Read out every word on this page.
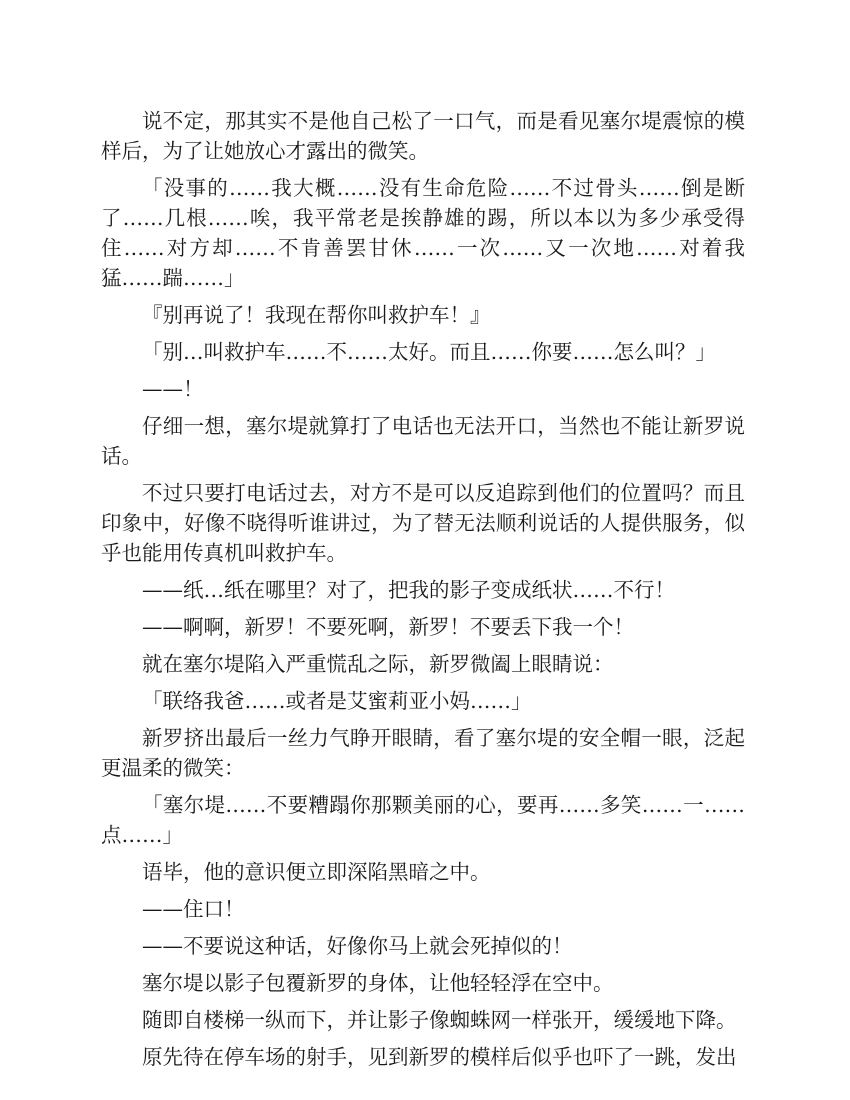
说不定，那其实不是他自己松了一口气，而是看见塞尔堤震惊的模样后，为了让她放心才露出的微笑。

「没事的……我大概……没有生命危险……不过骨头……倒是断了……几根……唉，我平常老是挨静雄的踢，所以本以为多少承受得住……对方却……不肯善罢甘休……一次……又一次地……对着我猛……踹……」

『别再说了！我现在帮你叫救护车！』

「别…叫救护车……不……太好。而且……你要……怎么叫？」

——！

仔细一想，塞尔堤就算打了电话也无法开口，当然也不能让新罗说话。

不过只要打电话过去，对方不是可以反追踪到他们的位置吗？而且印象中，好像不晓得听谁讲过，为了替无法顺利说话的人提供服务，似乎也能用传真机叫救护车。

——纸…纸在哪里？对了，把我的影子变成纸状……不行！

——啊啊，新罗！不要死啊，新罗！不要丢下我一个！

就在塞尔堤陷入严重慌乱之际，新罗微阖上眼睛说：

「联络我爸……或者是艾蜜莉亚小妈……」

新罗挤出最后一丝力气睁开眼睛，看了塞尔堤的安全帽一眼，泛起更温柔的微笑：

「塞尔堤……不要糟蹋你那颗美丽的心，要再……多笑……一……点……」

语毕，他的意识便立即深陷黑暗之中。

——住口！

——不要说这种话，好像你马上就会死掉似的！

塞尔堤以影子包覆新罗的身体，让他轻轻浮在空中。

随即自楼梯一纵而下，并让影子像蜘蛛网一样张开，缓缓地下降。

原先待在停车场的射手，见到新罗的模样后似乎也吓了一跳，发出
